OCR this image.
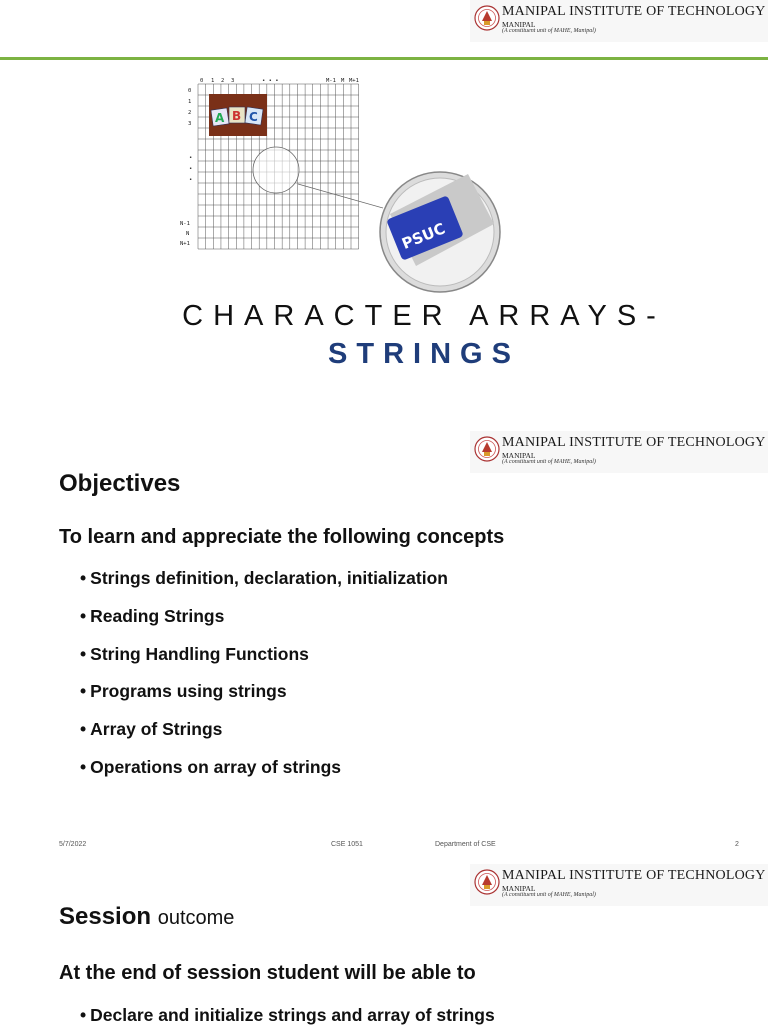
MANIPAL INSTITUTE OF TECHNOLOGY
MANIPAL
(A constituent unit of MAHE, Manipal)
0 1 2 3	• • •	M-1 M M+1
0
1
2
3
•
•
•
N-1
N
N+1
A B C
PSUC
CHARACTER ARRAYS-
STRINGS
MANIPAL INSTITUTE OF TECHNOLOGY
MANIPAL
(A constituent unit of MAHE, Manipal)
Objectives
To learn and appreciate the following concepts
• Strings definition, declaration, initialization
• Reading Strings
• String Handling Functions
• Programs using strings
• Array of Strings
• Operations on array of strings
5/7/2022	CSE 1051	Department of CSE	2
MANIPAL INSTITUTE OF TECHNOLOGY
MANIPAL
(A constituent unit of MAHE, Manipal)
Session outcome
At the end of session student will be able to
• Declare and initialize strings and array of strings
